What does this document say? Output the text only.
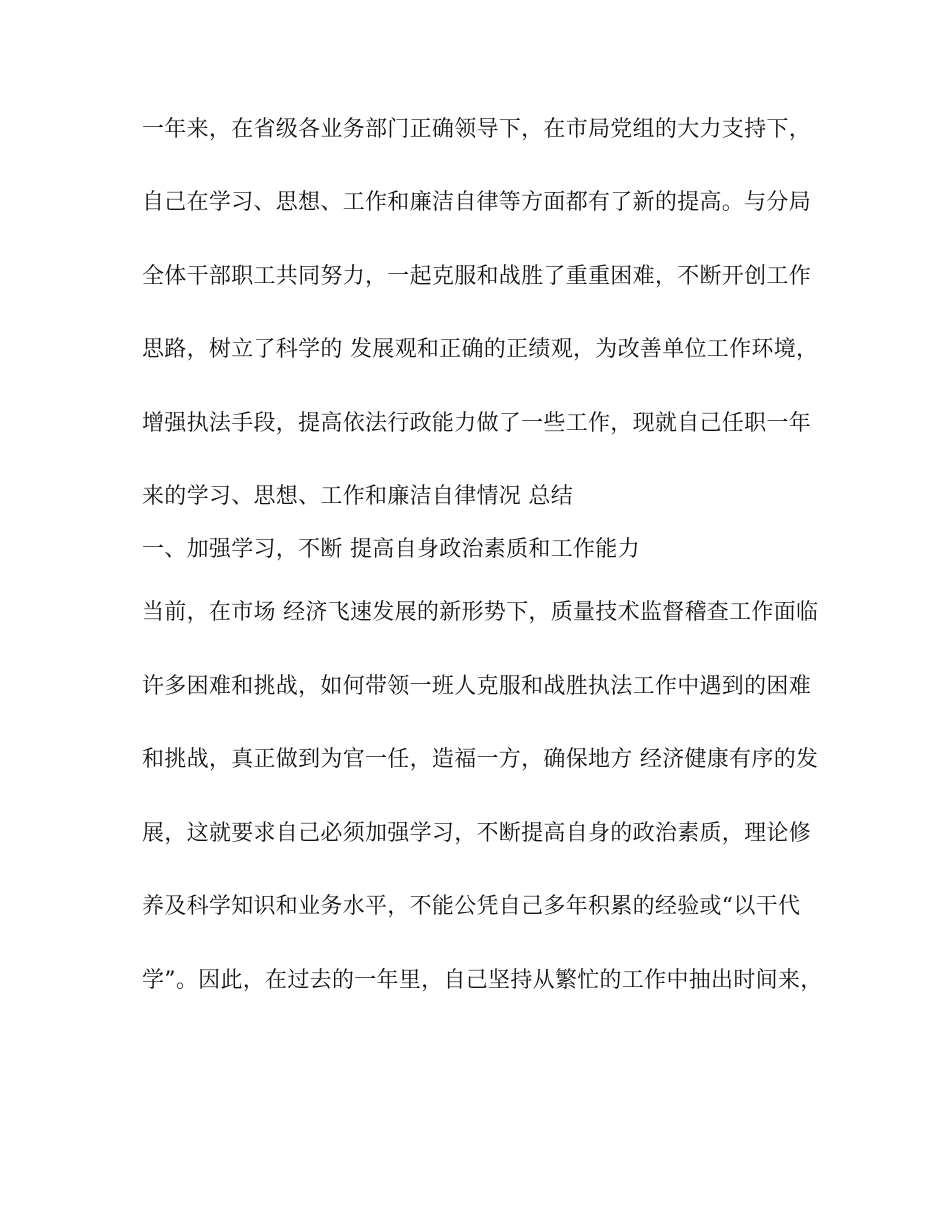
一年来，在省级各业务部门正确领导下，在市局党组的大力支持下，
自己在学习、思想、工作和廉洁自律等方面都有了新的提高。与分局
全体干部职工共同努力，一起克服和战胜了重重困难，不断开创工作
思路，树立了科学的 发展观和正确的正绩观，为改善单位工作环境，
增强执法手段，提高依法行政能力做了一些工作，现就自己任职一年
来的学习、思想、工作和廉洁自律情况 总结
一、加强学习，不断 提高自身政治素质和工作能力
当前，在市场 经济飞速发展的新形势下，质量技术监督稽查工作面临
许多困难和挑战，如何带领一班人克服和战胜执法工作中遇到的困难
和挑战，真正做到为官一任，造福一方，确保地方 经济健康有序的发
展，这就要求自己必须加强学习，不断提高自身的政治素质，理论修
养及科学知识和业务水平，不能公凭自己多年积累的经验或“以干代
学”。因此，在过去的一年里，自己坚持从繁忙的工作中抽出时间来，
